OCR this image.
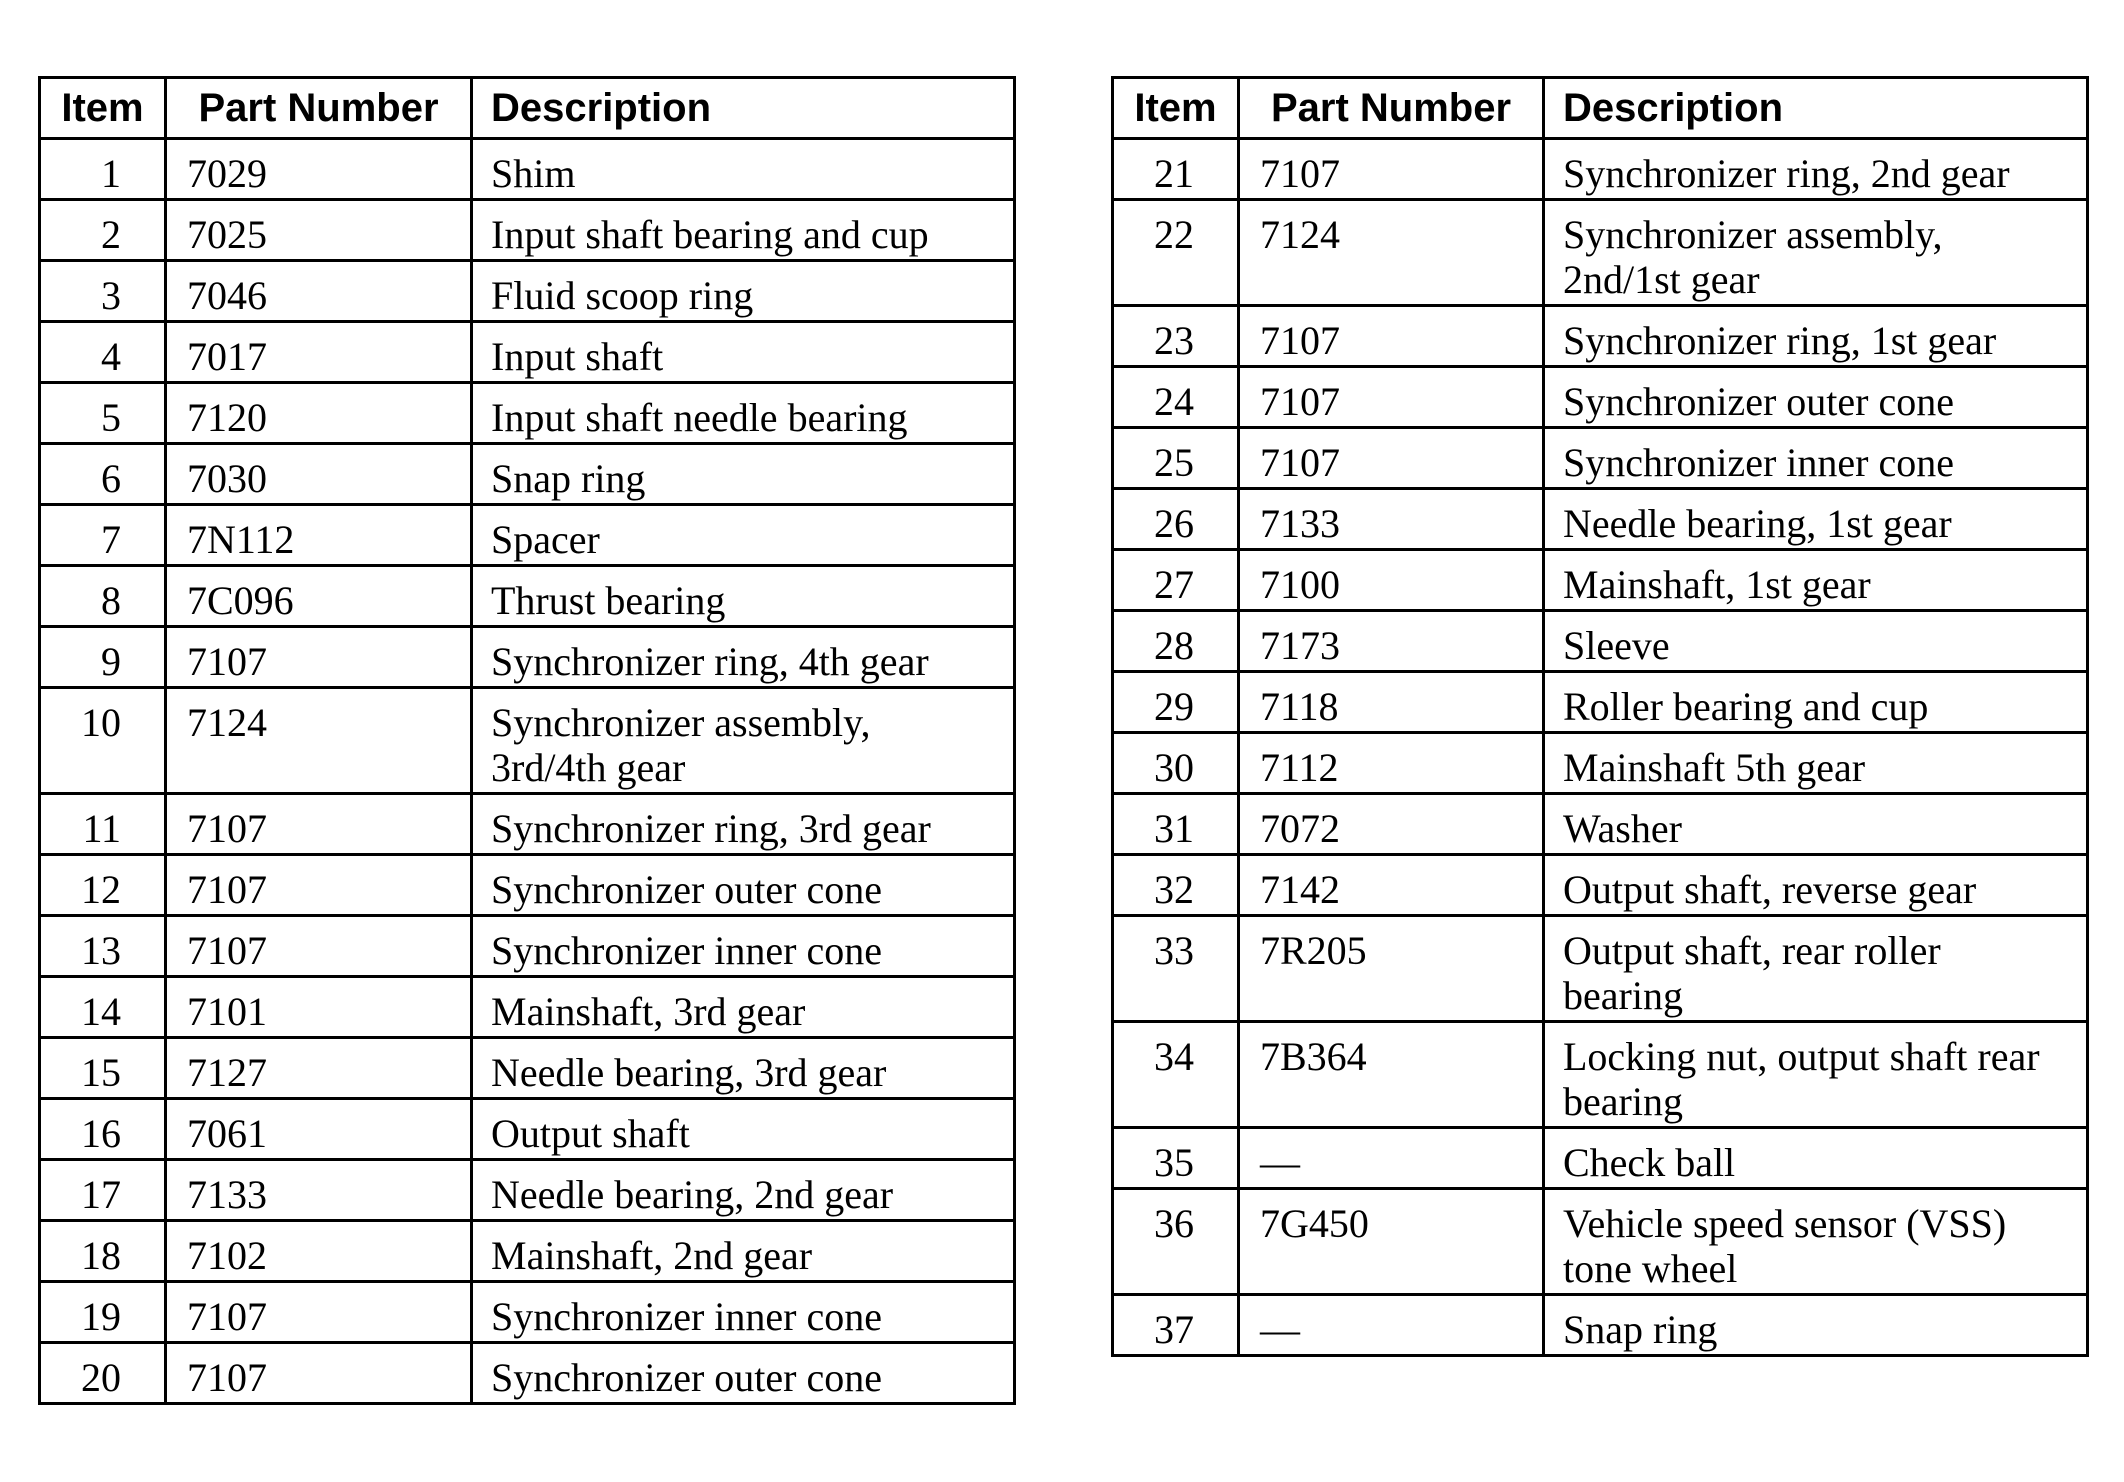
Item	Part Number	Description
1	7029	Shim
2	7025	Input shaft bearing and cup
3	7046	Fluid scoop ring
4	7017	Input shaft
5	7120	Input shaft needle bearing
6	7030	Snap ring
7	7N112	Spacer
8	7C096	Thrust bearing
9	7107	Synchronizer ring, 4th gear
10	7124	Synchronizer assembly,
3rd/4th gear
11	7107	Synchronizer ring, 3rd gear
12	7107	Synchronizer outer cone
13	7107	Synchronizer inner cone
14	7101	Mainshaft, 3rd gear
15	7127	Needle bearing, 3rd gear
16	7061	Output shaft
17	7133	Needle bearing, 2nd gear
18	7102	Mainshaft, 2nd gear
19	7107	Synchronizer inner cone
20	7107	Synchronizer outer cone
Item	Part Number	Description
21	7107	Synchronizer ring, 2nd gear
22	7124	Synchronizer assembly,
2nd/1st gear
23	7107	Synchronizer ring, 1st gear
24	7107	Synchronizer outer cone
25	7107	Synchronizer inner cone
26	7133	Needle bearing, 1st gear
27	7100	Mainshaft, 1st gear
28	7173	Sleeve
29	7118	Roller bearing and cup
30	7112	Mainshaft 5th gear
31	7072	Washer
32	7142	Output shaft, reverse gear
33	7R205	Output shaft, rear roller
bearing
34	7B364	Locking nut, output shaft rear
bearing
35	—	Check ball
36	7G450	Vehicle speed sensor (VSS)
tone wheel
37	—	Snap ring
